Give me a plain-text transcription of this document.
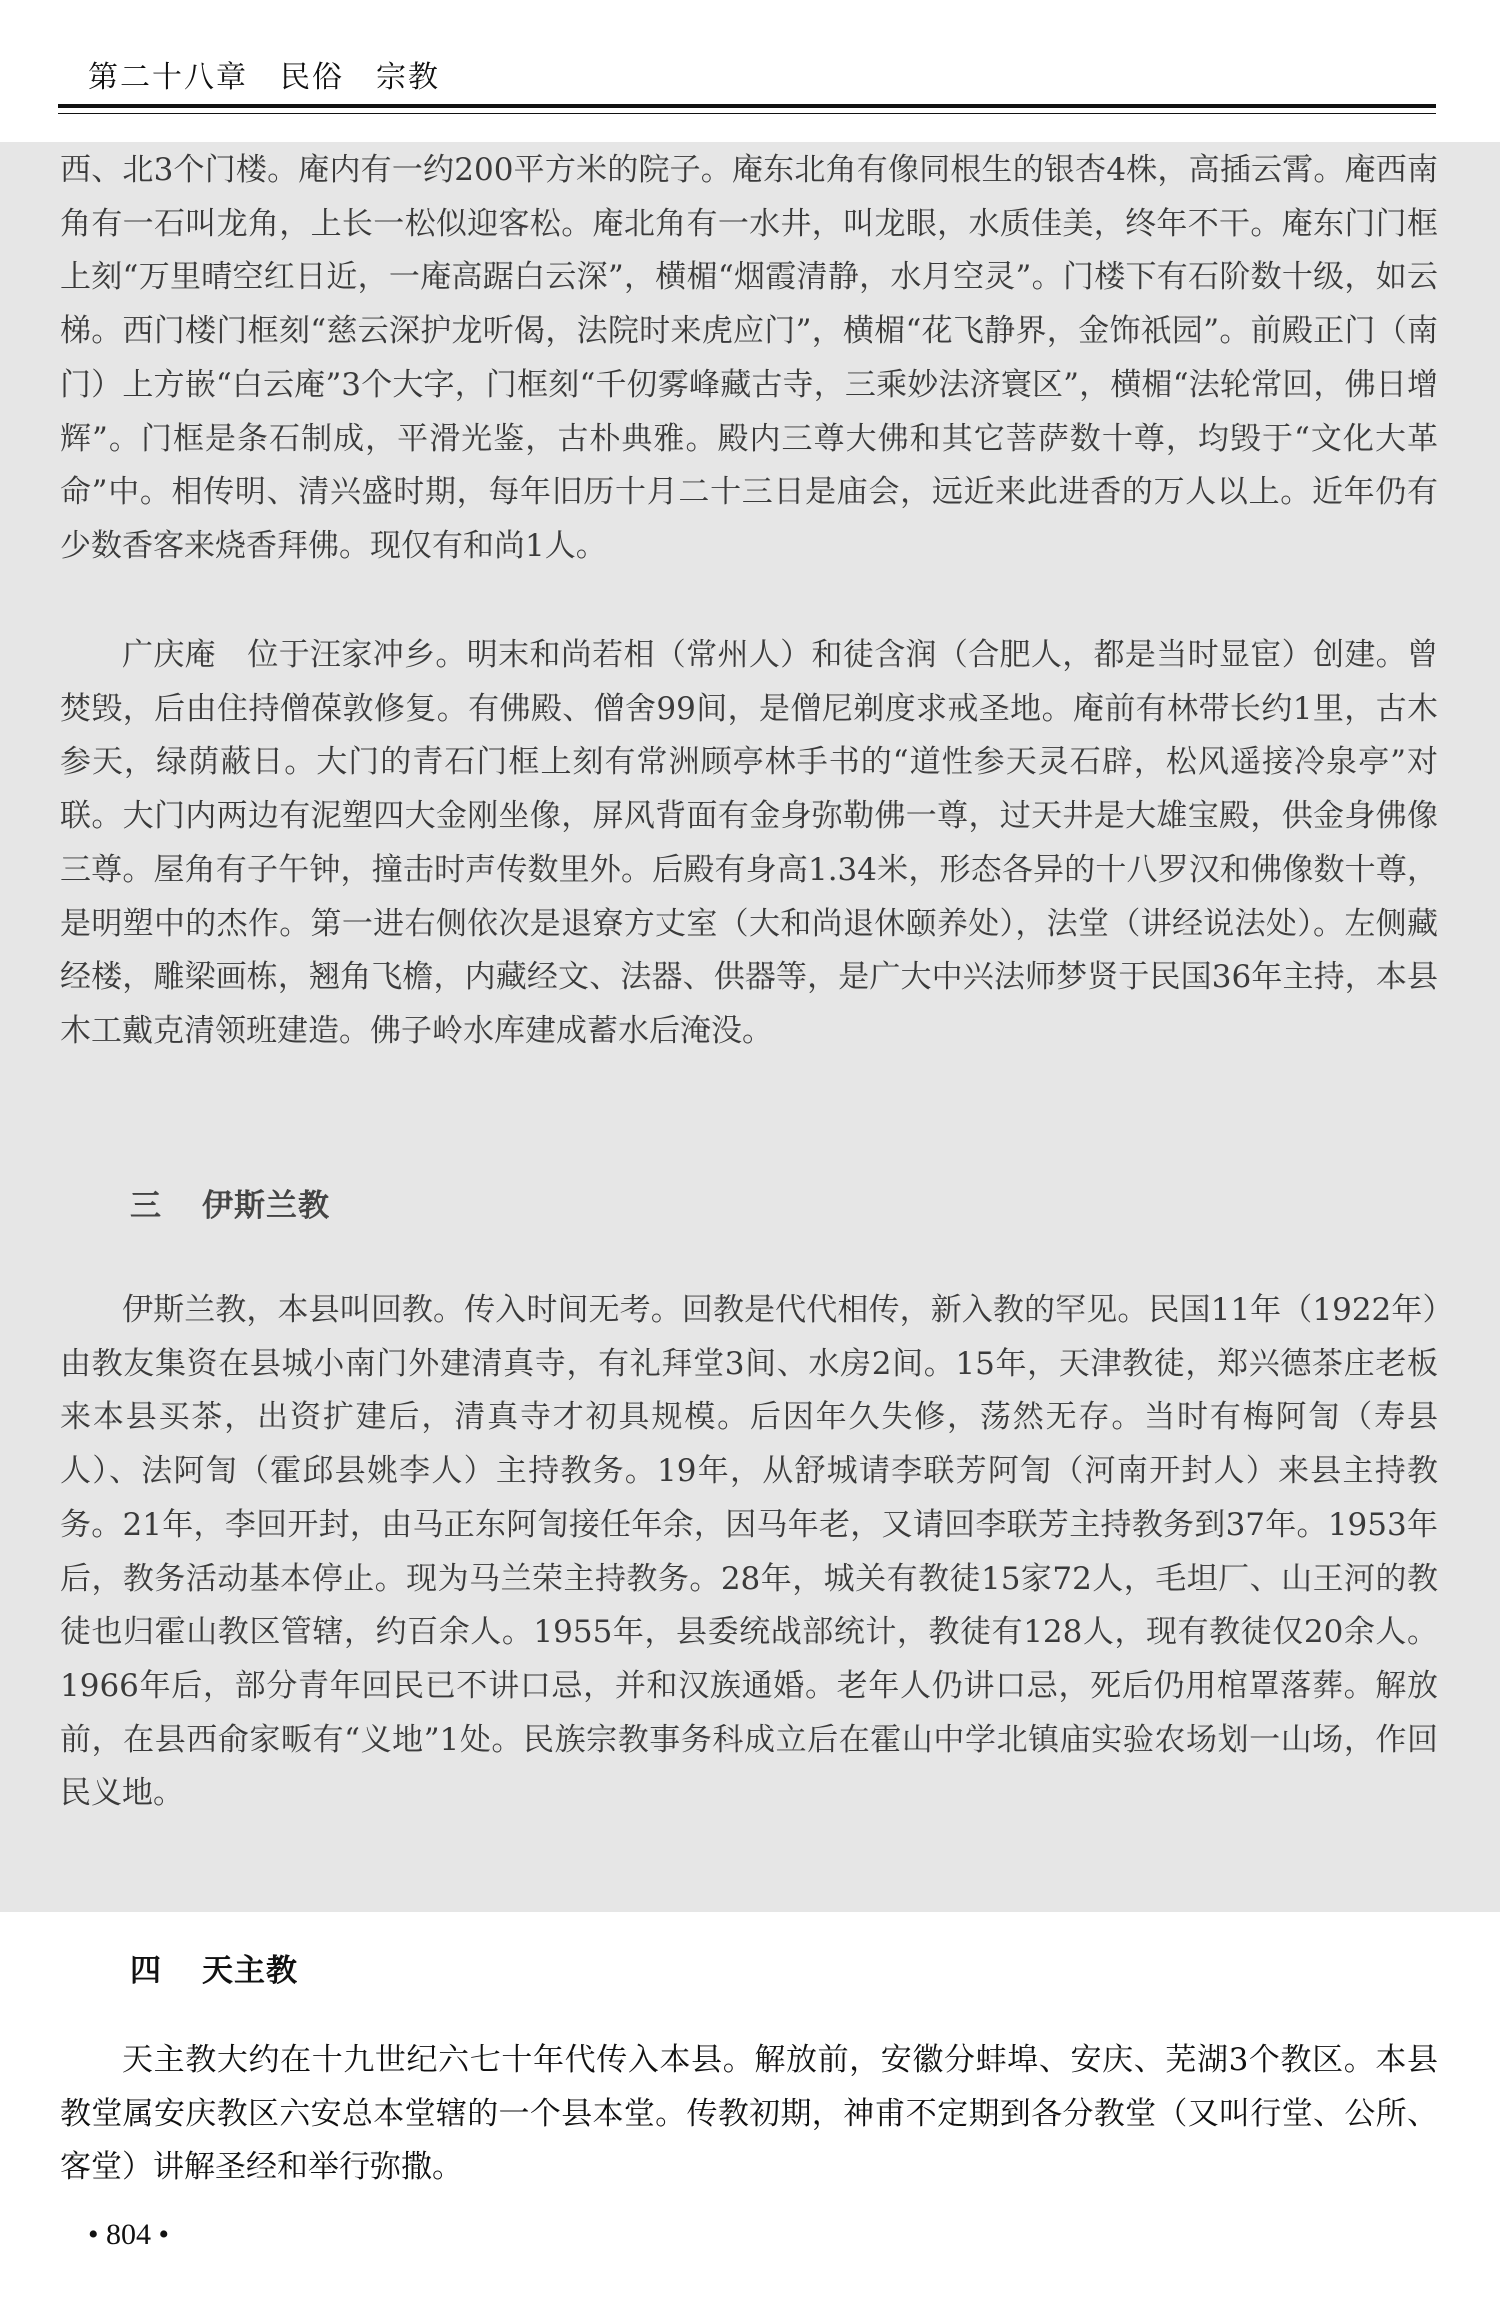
第二十八章　民俗　宗教

西、北3个门楼。庵内有一约200平方米的院子。庵东北角有像同根生的银杏4株，高插云霄。庵西南角有一石叫龙角，上长一松似迎客松。庵北角有一水井，叫龙眼，水质佳美，终年不干。庵东门门框上刻“万里晴空红日近，一庵高踞白云深”，横楣“烟霞清静，水月空灵”。门楼下有石阶数十级，如云梯。西门楼门框刻“慈云深护龙听偈，法院时来虎应门”，横楣“花飞静界，金饰祇园”。前殿正门（南门）上方嵌“白云庵”3个大字，门框刻“千仞雾峰藏古寺，三乘妙法济寰区”，横楣“法轮常回，佛日增辉”。门框是条石制成，平滑光鉴，古朴典雅。殿内三尊大佛和其它菩萨数十尊，均毁于“文化大革命”中。相传明、清兴盛时期，每年旧历十月二十三日是庙会，远近来此进香的万人以上。近年仍有少数香客来烧香拜佛。现仅有和尚1人。

广庆庵　位于汪家冲乡。明末和尚若相（常州人）和徒含润（合肥人，都是当时显宦）创建。曾焚毁，后由住持僧葆敦修复。有佛殿、僧舍99间，是僧尼剃度求戒圣地。庵前有林带长约1里，古木参天，绿荫蔽日。大门的青石门框上刻有常洲顾亭林手书的“道性参天灵石辟，松风遥接冷泉亭”对联。大门内两边有泥塑四大金刚坐像，屏风背面有金身弥勒佛一尊，过天井是大雄宝殿，供金身佛像三尊。屋角有子午钟，撞击时声传数里外。后殿有身高1.34米，形态各异的十八罗汉和佛像数十尊，是明塑中的杰作。第一进右侧依次是退寮方丈室（大和尚退休颐养处），法堂（讲经说法处）。左侧藏经楼，雕梁画栋，翘角飞檐，内藏经文、法器、供器等，是广大中兴法师梦贤于民国36年主持，本县木工戴克清领班建造。佛子岭水库建成蓄水后淹没。

三 伊斯兰教

伊斯兰教，本县叫回教。传入时间无考。回教是代代相传，新入教的罕见。民国11年（1922年）由教友集资在县城小南门外建清真寺，有礼拜堂3间、水房2间。15年，天津教徒，郑兴德茶庄老板来本县买茶，出资扩建后，清真寺才初具规模。后因年久失修，荡然无存。当时有梅阿訇（寿县人）、法阿訇（霍邱县姚李人）主持教务。19年，从舒城请李联芳阿訇（河南开封人）来县主持教务。21年，李回开封，由马正东阿訇接任年余，因马年老，又请回李联芳主持教务到37年。1953年后，教务活动基本停止。现为马兰荣主持教务。28年，城关有教徒15家72人，毛坦厂、山王河的教徒也归霍山教区管辖，约百余人。1955年，县委统战部统计，教徒有128人，现有教徒仅20余人。1966年后，部分青年回民已不讲口忌，并和汉族通婚。老年人仍讲口忌，死后仍用棺罩落葬。解放前，在县西俞家畈有“义地”1处。民族宗教事务科成立后在霍山中学北镇庙实验农场划一山场，作回民义地。

四 天主教

天主教大约在十九世纪六七十年代传入本县。解放前，安徽分蚌埠、安庆、芜湖3个教区。本县教堂属安庆教区六安总本堂辖的一个县本堂。传教初期，神甫不定期到各分教堂（又叫行堂、公所、客堂）讲解圣经和举行弥撒。

• 804 •
